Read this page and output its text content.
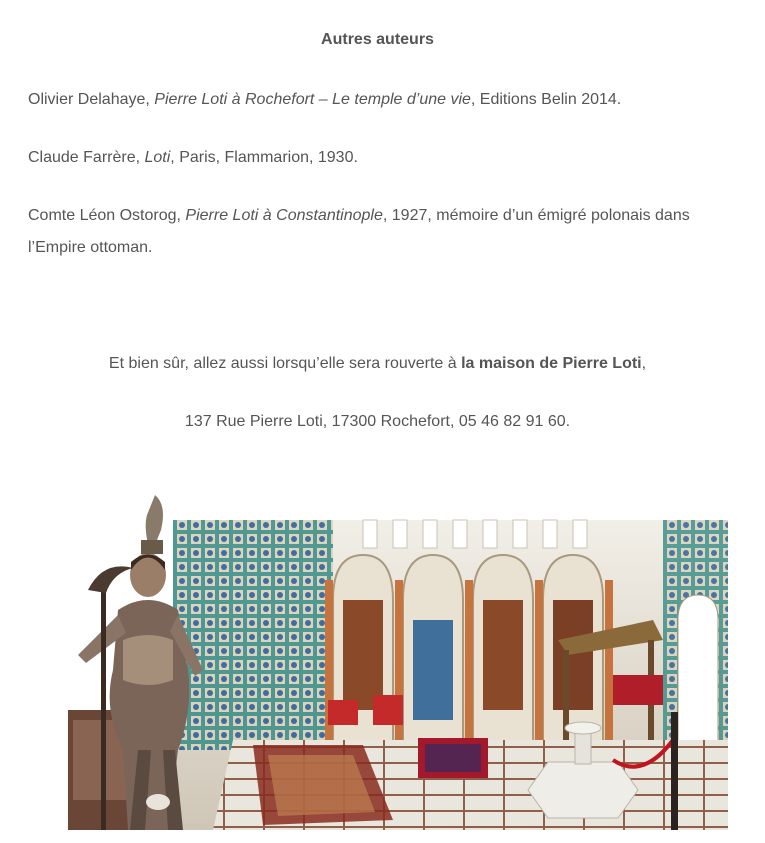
Autres auteurs
Olivier Delahaye, Pierre Loti à Rochefort – Le temple d’une vie, Editions Belin 2014.
Claude Farrère, Loti, Paris, Flammarion, 1930.
Comte Léon Ostorog, Pierre Loti à Constantinople, 1927, mémoire d’un émigré polonais dans l’Empire ottoman.
Et bien sûr, allez aussi lorsqu’elle sera rouverte à la maison de Pierre Loti,
137 Rue Pierre Loti, 17300 Rochefort, 05 46 82 91 60.
